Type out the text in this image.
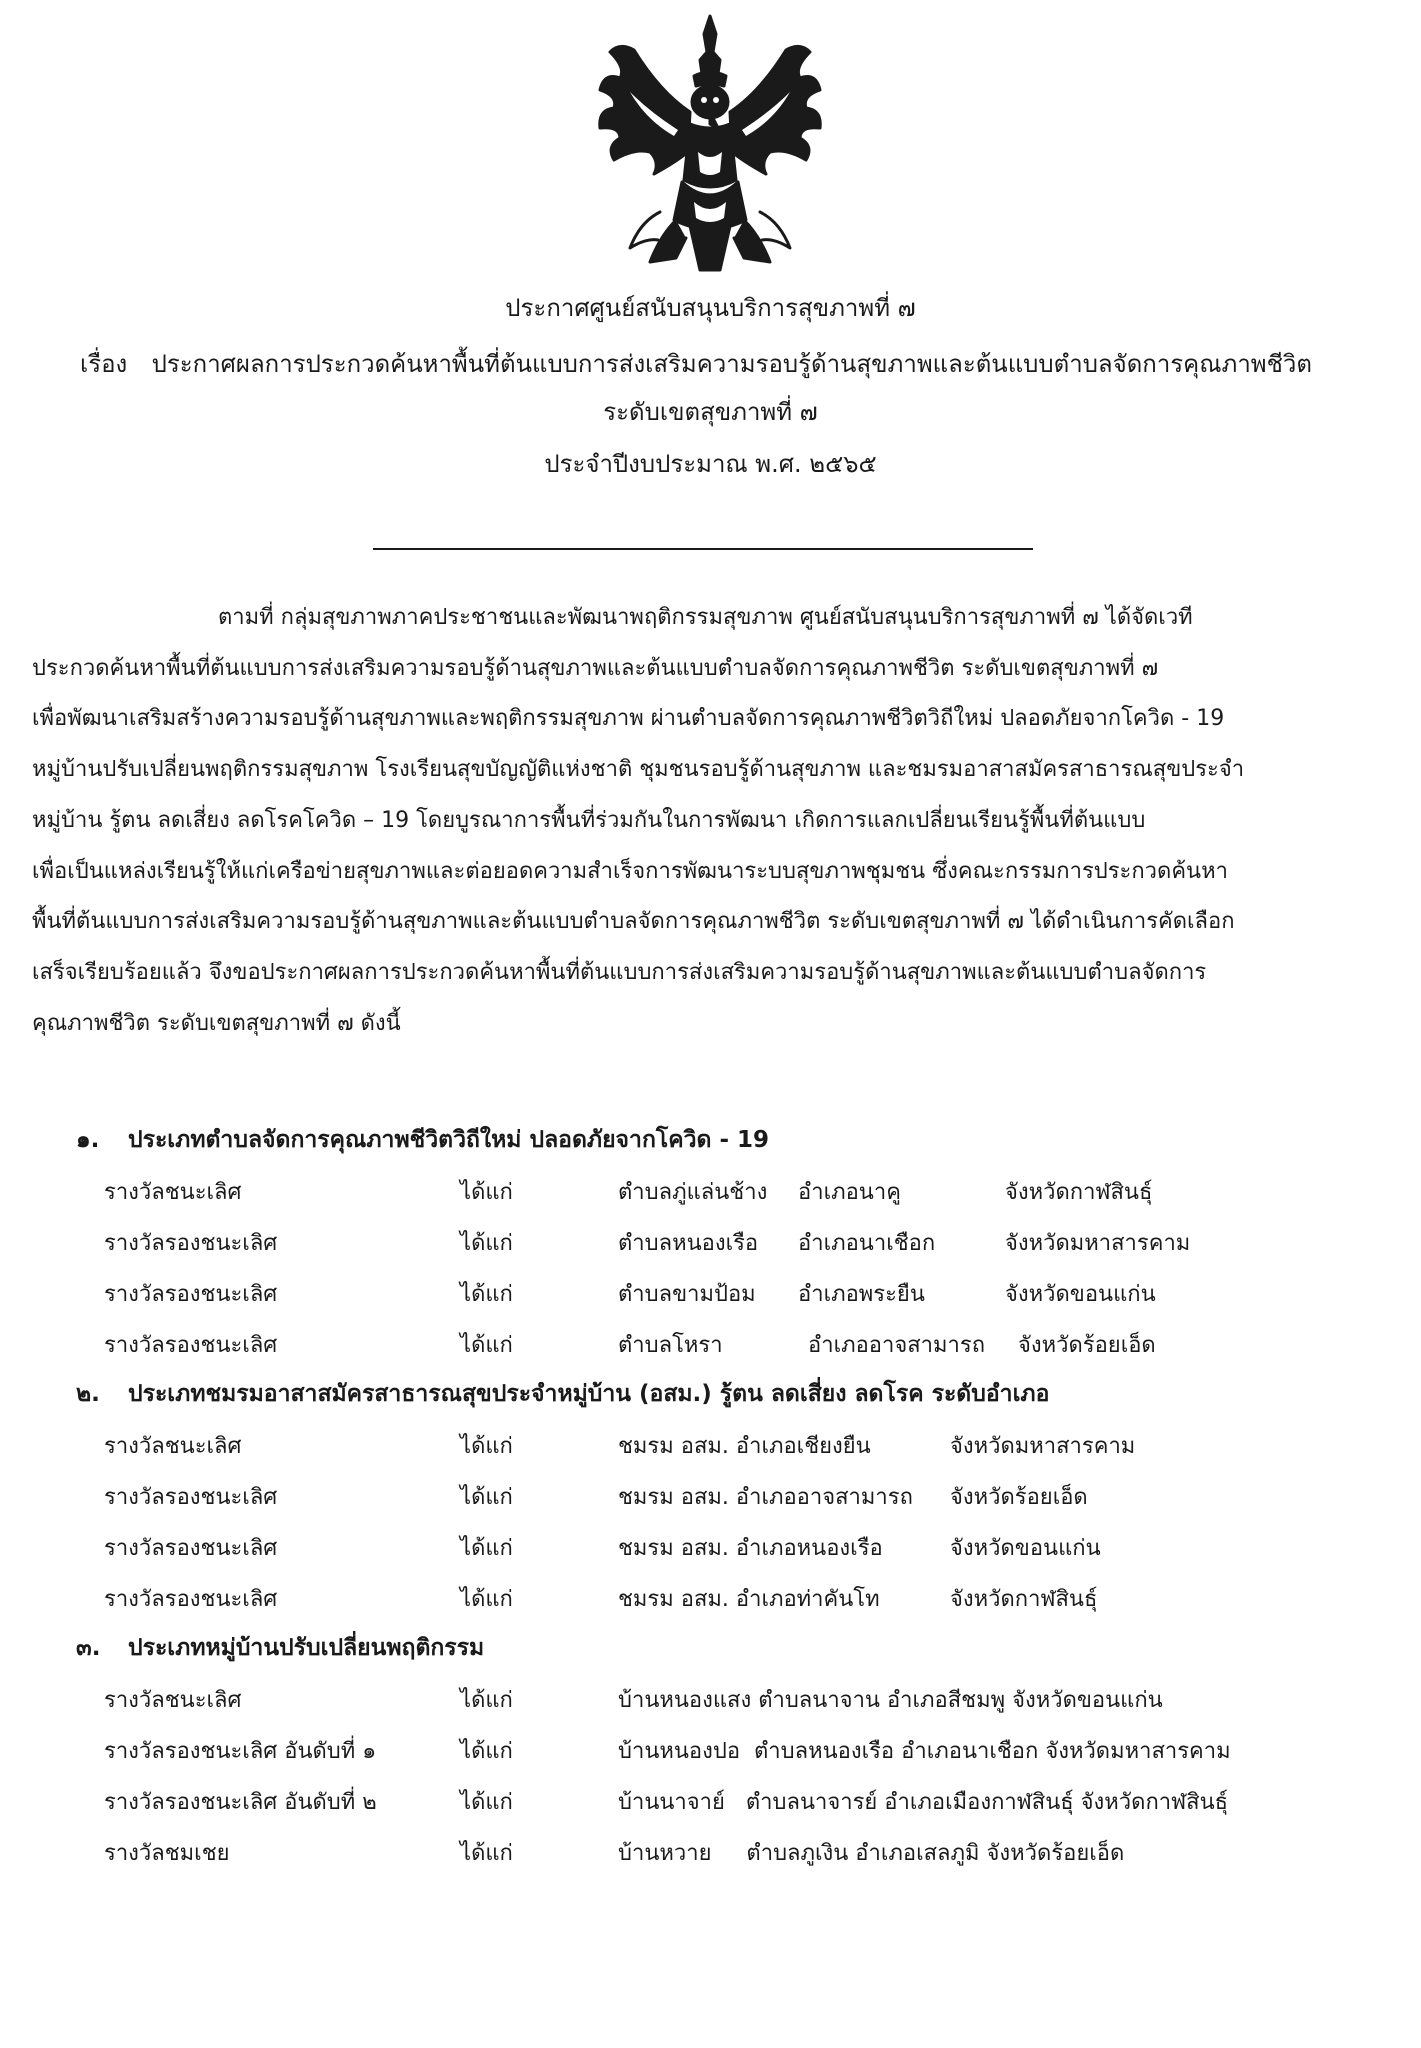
ประกาศศูนย์สนับสนุนบริการสุขภาพที่ ๗
เรื่อง ประกาศผลการประกวดค้นหาพื้นที่ต้นแบบการส่งเสริมความรอบรู้ด้านสุขภาพและต้นแบบตำบลจัดการคุณภาพชีวิต
ระดับเขตสุขภาพที่ ๗
ประจำปีงบประมาณ พ.ศ. ๒๕๖๕
ตามที่ กลุ่มสุขภาพภาคประชาชนและพัฒนาพฤติกรรมสุขภาพ ศูนย์สนับสนุนบริการสุขภาพที่ ๗ ได้จัดเวที
ประกวดค้นหาพื้นที่ต้นแบบการส่งเสริมความรอบรู้ด้านสุขภาพและต้นแบบตำบลจัดการคุณภาพชีวิต ระดับเขตสุขภาพที่ ๗
เพื่อพัฒนาเสริมสร้างความรอบรู้ด้านสุขภาพและพฤติกรรมสุขภาพ ผ่านตำบลจัดการคุณภาพชีวิตวิถีใหม่ ปลอดภัยจากโควิด - 19
หมู่บ้านปรับเปลี่ยนพฤติกรรมสุขภาพ โรงเรียนสุขบัญญัติแห่งชาติ ชุมชนรอบรู้ด้านสุขภาพ และชมรมอาสาสมัครสาธารณสุขประจำ
หมู่บ้าน รู้ตน ลดเสี่ยง ลดโรคโควิด – 19 โดยบูรณาการพื้นที่ร่วมกันในการพัฒนา เกิดการแลกเปลี่ยนเรียนรู้พื้นที่ต้นแบบ
เพื่อเป็นแหล่งเรียนรู้ให้แก่เครือข่ายสุขภาพและต่อยอดความสำเร็จการพัฒนาระบบสุขภาพชุมชน ซึ่งคณะกรรมการประกวดค้นหา
พื้นที่ต้นแบบการส่งเสริมความรอบรู้ด้านสุขภาพและต้นแบบตำบลจัดการคุณภาพชีวิต ระดับเขตสุขภาพที่ ๗ ได้ดำเนินการคัดเลือก
เสร็จเรียบร้อยแล้ว จึงขอประกาศผลการประกวดค้นหาพื้นที่ต้นแบบการส่งเสริมความรอบรู้ด้านสุขภาพและต้นแบบตำบลจัดการ
คุณภาพชีวิต ระดับเขตสุขภาพที่ ๗ ดังนี้
๑. ประเภทตำบลจัดการคุณภาพชีวิตวิถีใหม่ ปลอดภัยจากโควิด - 19
รางวัลชนะเลิศ	ได้แก่	ตำบลภู่แล่นช้าง อำเภอนาคู	จังหวัดกาฬสินธุ์
รางวัลรองชนะเลิศ	ได้แก่	ตำบลหนองเรือ อำเภอนาเชือก	จังหวัดมหาสารคาม
รางวัลรองชนะเลิศ	ได้แก่	ตำบลขามป้อม อำเภอพระยืน	จังหวัดขอนแก่น
รางวัลรองชนะเลิศ	ได้แก่	ตำบลโหรา	อำเภออาจสามารถ จังหวัดร้อยเอ็ด
๒. ประเภทชมรมอาสาสมัครสาธารณสุขประจำหมู่บ้าน (อสม.) รู้ตน ลดเสี่ยง ลดโรค ระดับอำเภอ
รางวัลชนะเลิศ	ได้แก่	ชมรม อสม. อำเภอเชียงยืน	จังหวัดมหาสารคาม
รางวัลรองชนะเลิศ	ได้แก่	ชมรม อสม. อำเภออาจสามารถ จังหวัดร้อยเอ็ด
รางวัลรองชนะเลิศ	ได้แก่	ชมรม อสม. อำเภอหนองเรือ	จังหวัดขอนแก่น
รางวัลรองชนะเลิศ	ได้แก่	ชมรม อสม. อำเภอท่าคันโท	จังหวัดกาฬสินธุ์
๓. ประเภทหมู่บ้านปรับเปลี่ยนพฤติกรรม
รางวัลชนะเลิศ	ได้แก่	บ้านหนองแสง ตำบลนาจาน อำเภอสีชมพู จังหวัดขอนแก่น
รางวัลรองชนะเลิศ อันดับที่ ๑	ได้แก่	บ้านหนองปอ  ตำบลหนองเรือ อำเภอนาเชือก จังหวัดมหาสารคาม
รางวัลรองชนะเลิศ อันดับที่ ๒	ได้แก่	บ้านนาจาย์   ตำบลนาจารย์ อำเภอเมืองกาฬสินธุ์ จังหวัดกาฬสินธุ์
รางวัลชมเชย	ได้แก่	บ้านหวาย     ตำบลภูเงิน อำเภอเสลภูมิ จังหวัดร้อยเอ็ด
